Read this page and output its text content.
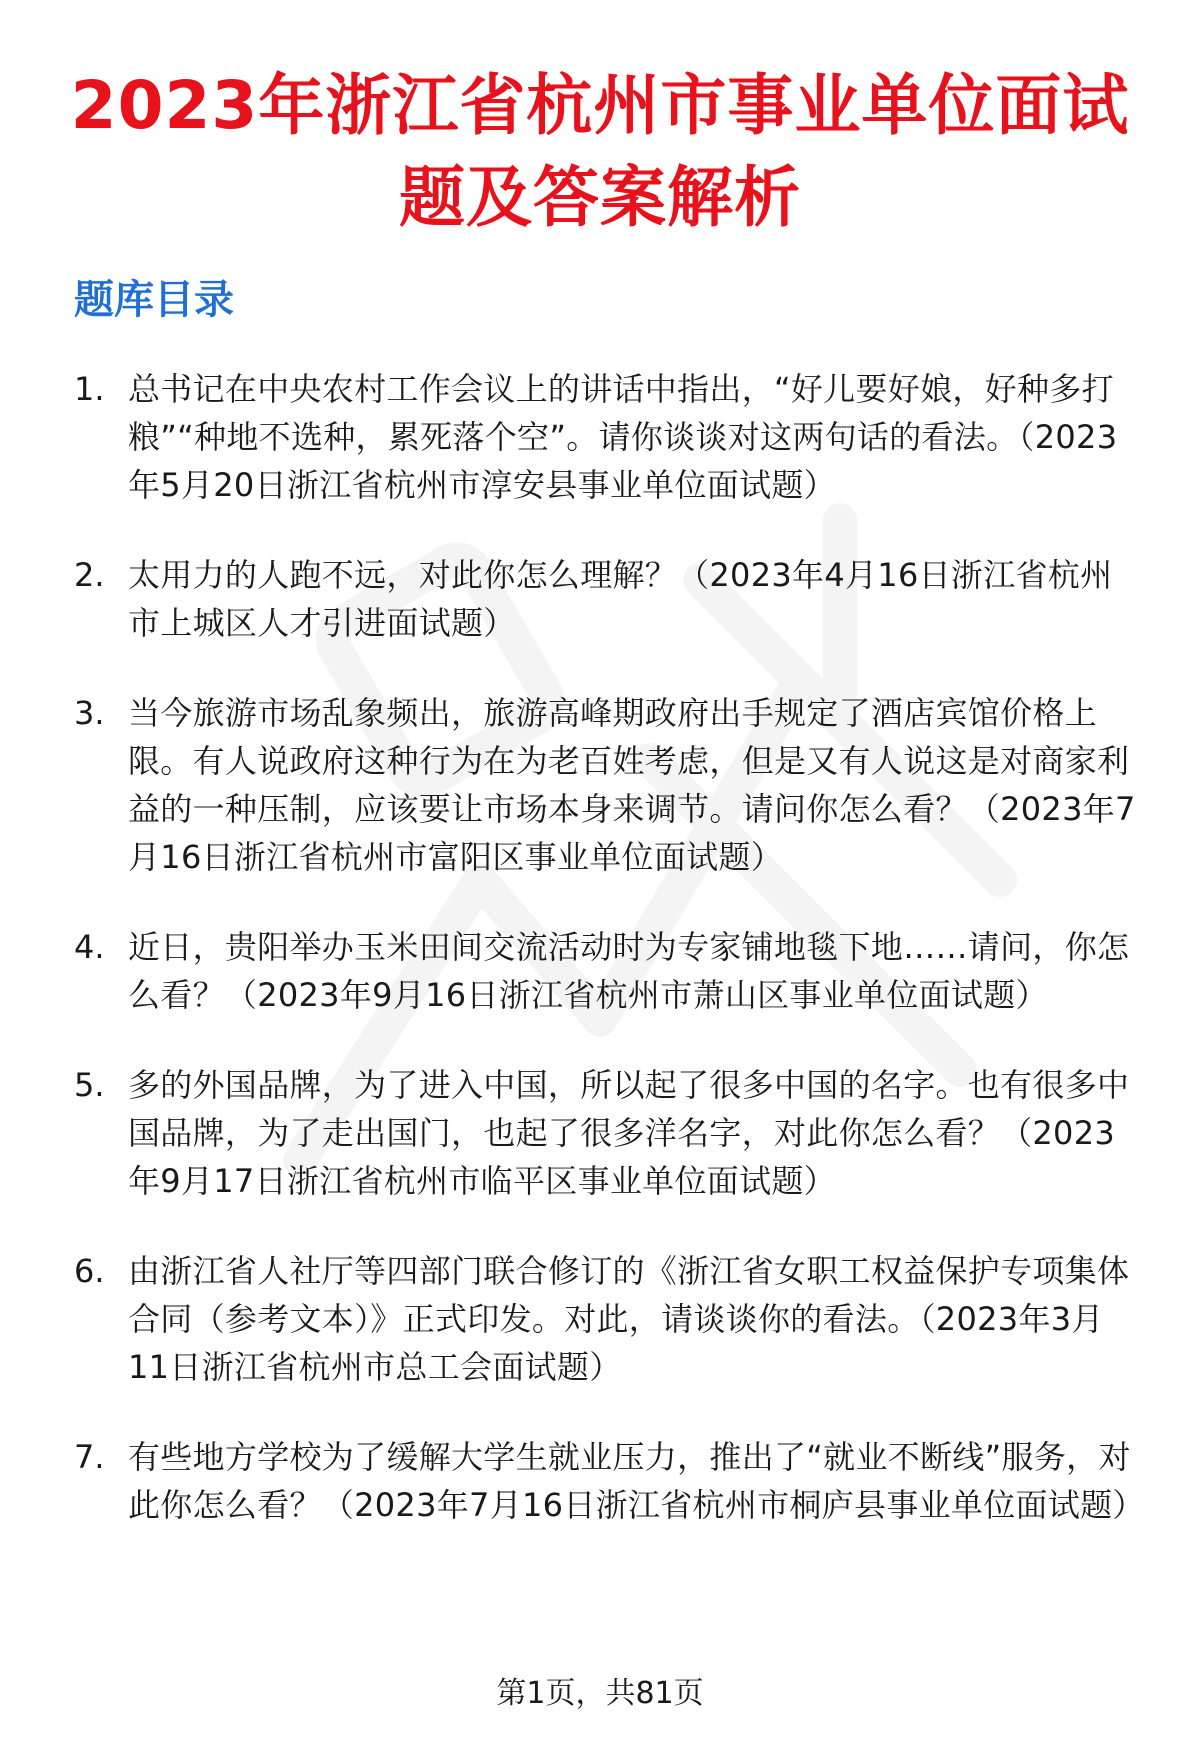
2023年浙江省杭州市事业单位面试题及答案解析
题库目录
1. 总书记在中央农村工作会议上的讲话中指出，“好儿要好娘，好种多打粮”“种地不选种，累死落个空”。请你谈谈对这两句话的看法。（2023年5月20日浙江省杭州市淳安县事业单位面试题）
2. 太用力的人跑不远，对此你怎么理解？（2023年4月16日浙江省杭州市上城区人才引进面试题）
3. 当今旅游市场乱象频出，旅游高峰期政府出手规定了酒店宾馆价格上限。有人说政府这种行为在为老百姓考虑，但是又有人说这是对商家利益的一种压制，应该要让市场本身来调节。请问你怎么看？（2023年7月16日浙江省杭州市富阳区事业单位面试题）
4. 近日，贵阳举办玉米田间交流活动时为专家铺地毯下地……请问，你怎么看？（2023年9月16日浙江省杭州市萧山区事业单位面试题）
5. 多的外国品牌，为了进入中国，所以起了很多中国的名字。也有很多中国品牌，为了走出国门，也起了很多洋名字，对此你怎么看？（2023年9月17日浙江省杭州市临平区事业单位面试题）
6. 由浙江省人社厅等四部门联合修订的《浙江省女职工权益保护专项集体合同（参考文本）》正式印发。对此，请谈谈你的看法。（2023年3月11日浙江省杭州市总工会面试题）
7. 有些地方学校为了缓解大学生就业压力，推出了“就业不断线”服务，对此你怎么看？（2023年7月16日浙江省杭州市桐庐县事业单位面试题）
第1页，共81页
